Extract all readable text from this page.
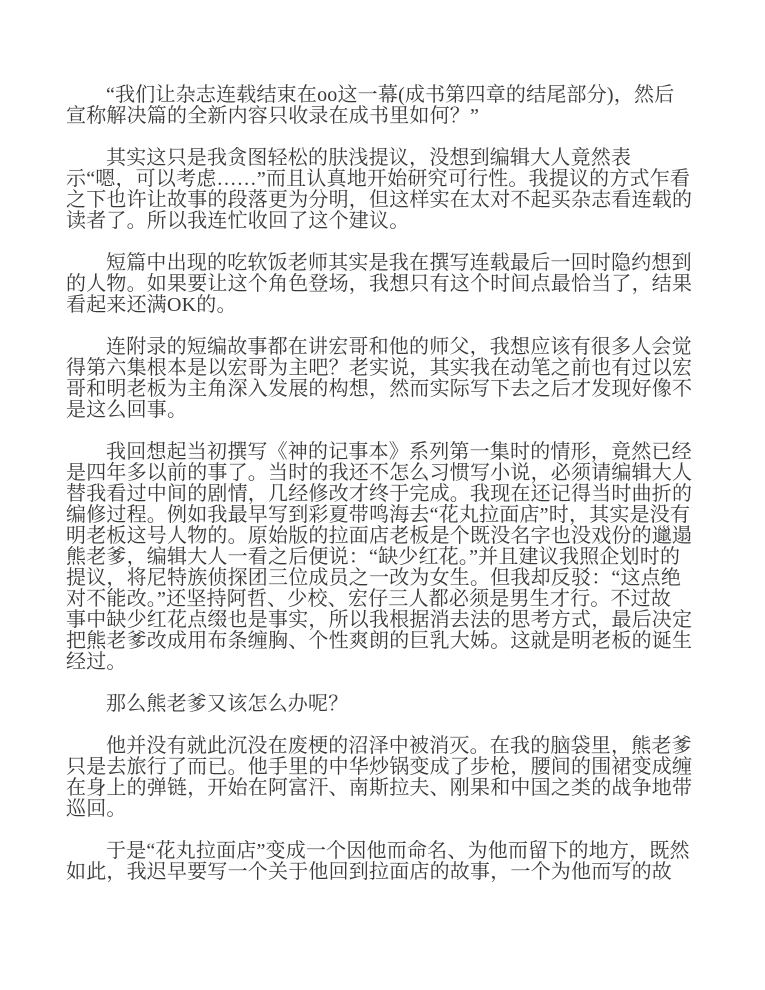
“我们让杂志连载结束在oo这一幕(成书第四章的结尾部分)，然后
宣称解决篇的全新内容只收录在成书里如何？”
其实这只是我贪图轻松的肤浅提议，没想到编辑大人竟然表
示“嗯，可以考虑……”而且认真地开始研究可行性。我提议的方式乍看
之下也许让故事的段落更为分明，但这样实在太对不起买杂志看连载的
读者了。所以我连忙收回了这个建议。
短篇中出现的吃软饭老师其实是我在撰写连载最后一回时隐约想到
的人物。如果要让这个角色登场，我想只有这个时间点最恰当了，结果
看起来还满OK的。
连附录的短编故事都在讲宏哥和他的师父，我想应该有很多人会觉
得第六集根本是以宏哥为主吧？老实说，其实我在动笔之前也有过以宏
哥和明老板为主角深入发展的构想，然而实际写下去之后才发现好像不
是这么回事。
我回想起当初撰写《神的记事本》系列第一集时的情形，竟然已经
是四年多以前的事了。当时的我还不怎么习惯写小说，必须请编辑大人
替我看过中间的剧情，几经修改才终于完成。我现在还记得当时曲折的
编修过程。例如我最早写到彩夏带鸣海去“花丸拉面店”时，其实是没有
明老板这号人物的。原始版的拉面店老板是个既没名字也没戏份的邋遢
熊老爹，编辑大人一看之后便说：“缺少红花。”并且建议我照企划时的
提议，将尼特族侦探团三位成员之一改为女生。但我却反驳：“这点绝
对不能改。”还坚持阿哲、少校、宏仔三人都必须是男生才行。不过故
事中缺少红花点缀也是事实，所以我根据消去法的思考方式，最后决定
把熊老爹改成用布条缠胸、个性爽朗的巨乳大姊。这就是明老板的诞生
经过。
那么熊老爹又该怎么办呢？
他并没有就此沉没在废梗的沼泽中被消灭。在我的脑袋里，熊老爹
只是去旅行了而已。他手里的中华炒锅变成了步枪，腰间的围裙变成缠
在身上的弹链，开始在阿富汗、南斯拉夫、刚果和中国之类的战争地带
巡回。
于是“花丸拉面店”变成一个因他而命名、为他而留下的地方，既然
如此，我迟早要写一个关于他回到拉面店的故事，一个为他而写的故
